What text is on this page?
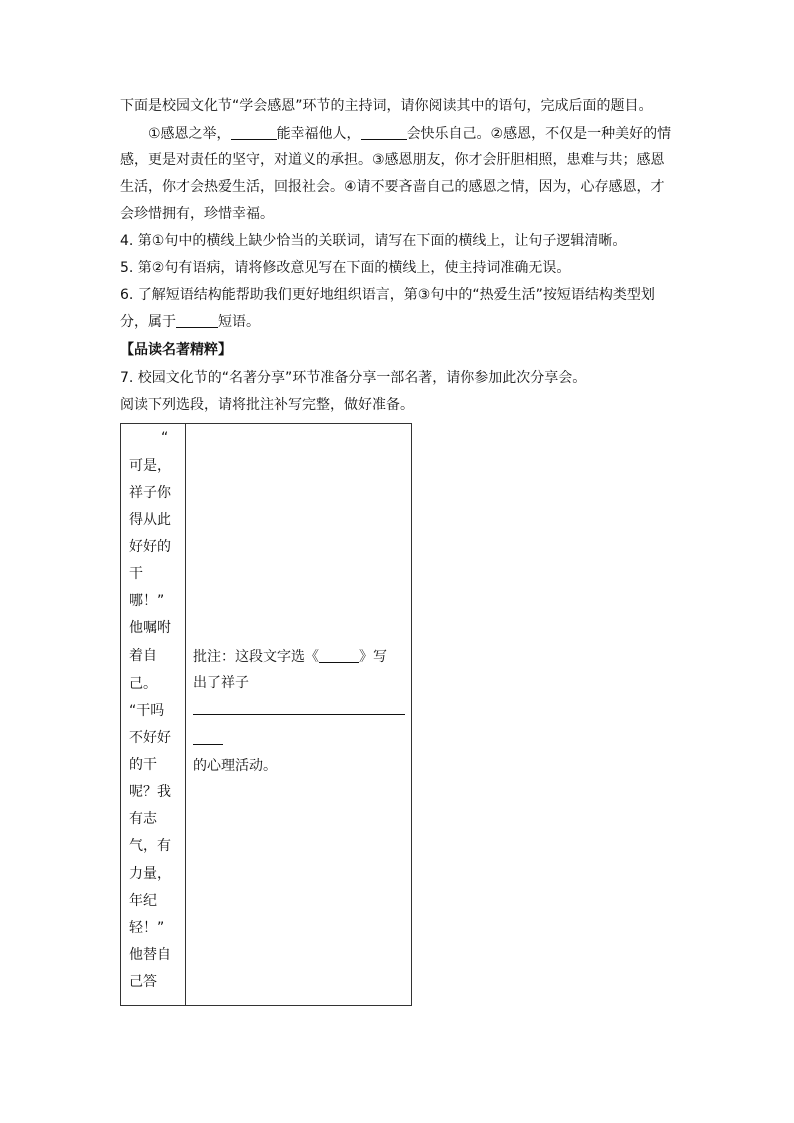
下面是校园文化节“学会感恩”环节的主持词，请你阅读其中的语句，完成后面的题目。
①感恩之举，	能幸福他人，	会快乐自己。②感恩，不仅是一种美好的情
感，更是对责任的坚守，对道义的承担。③感恩朋友，你才会肝胆相照，患难与共；感恩
生活，你才会热爱生活，回报社会。④请不要吝啬自己的感恩之情，因为，心存感恩，才
会珍惜拥有，珍惜幸福。
4. 第①句中的横线上缺少恰当的关联词，请写在下面的横线上，让句子逻辑清晰。
5. 第②句有语病，请将修改意见写在下面的横线上，使主持词准确无误。
6. 了解短语结构能帮助我们更好地组织语言，第③句中的“热爱生活”按短语结构类型划
分，属于	短语。
【品读名著精粹】
7. 校园文化节的“名著分享”环节准备分享一部名著，请你参加此次分享会。
阅读下列选段，请将批注补写完整，做好准备。
“
可是，
祥子你
得从此
好好的
干
哪！”
他嘱咐
着自
己。
“干吗
不好好
的干
呢？我
有志
气，有
力量，
年纪
轻！”
他替自
己答
批注：这段文字选《	》写
出了祥子
的心理活动。
